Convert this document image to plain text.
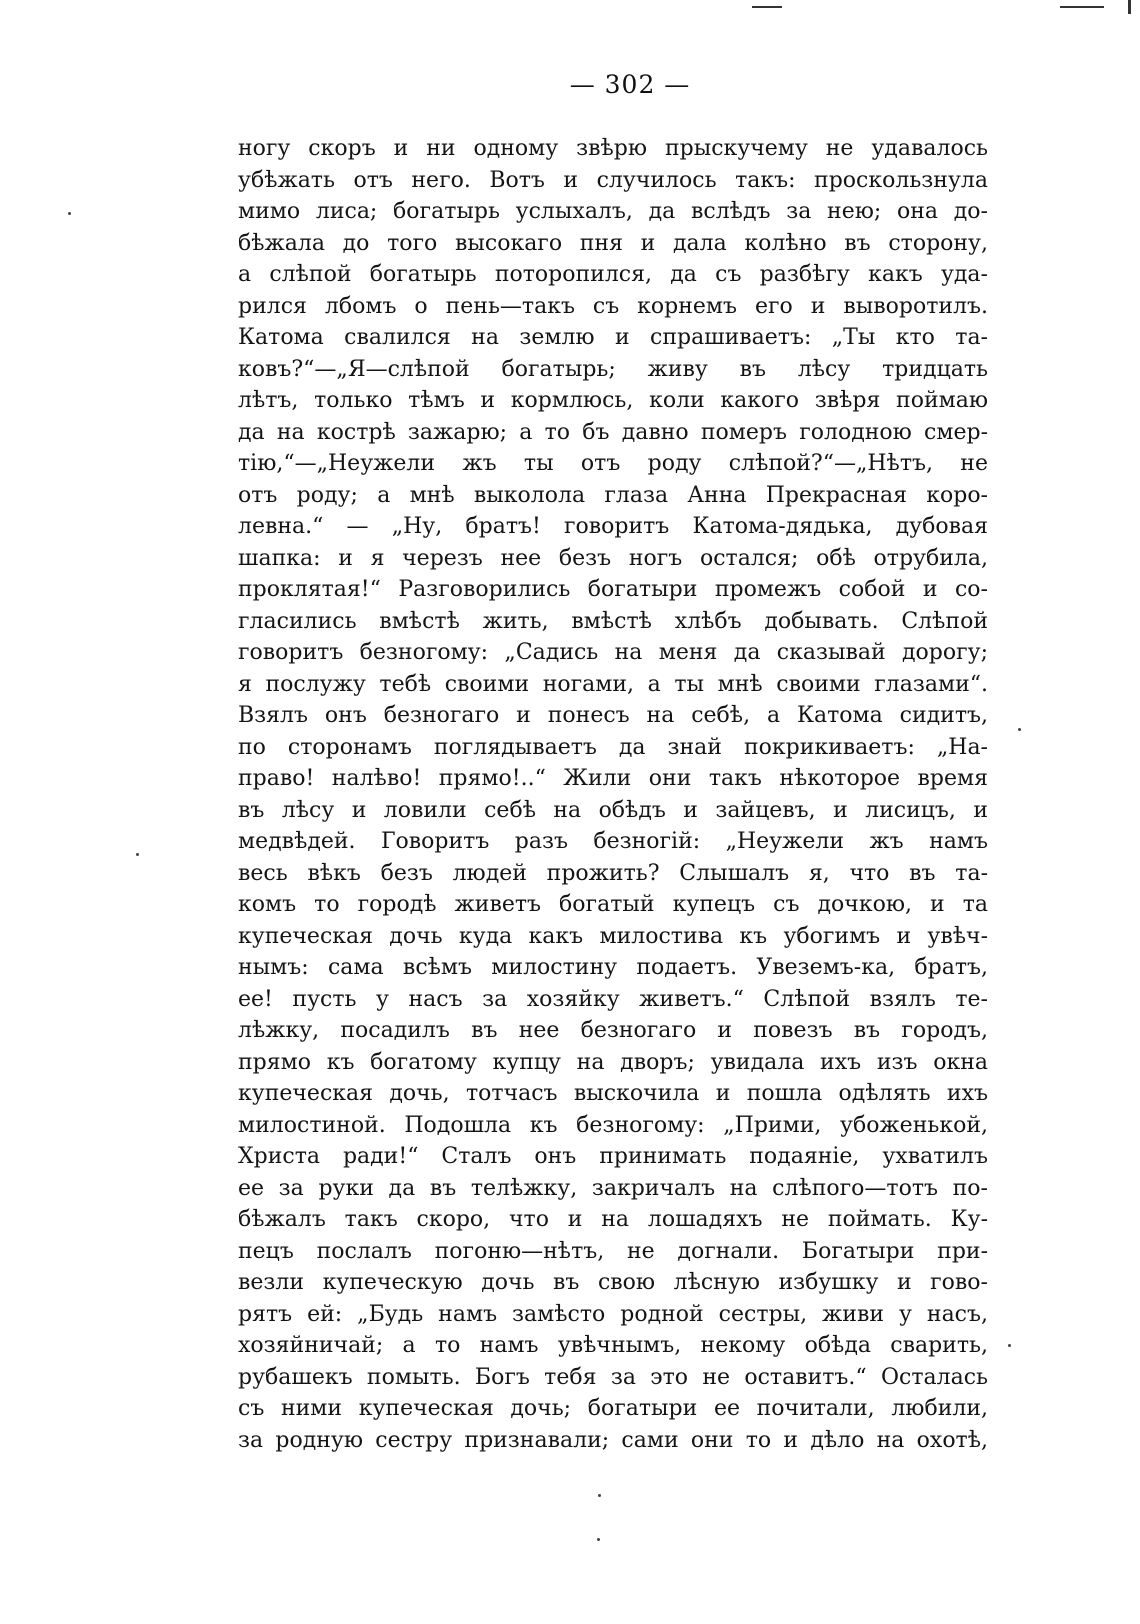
— 302 —
ногу скоръ и ни одному звѣрю прыскучему не удавалось
убѣжать отъ него. Вотъ и случилось такъ: проскользнула
мимо лиса; богатырь услыхалъ, да вслѣдъ за нею; она до-
бѣжала до того высокаго пня и дала колѣно въ сторону,
а слѣпой богатырь поторопился, да съ разбѣгу какъ уда-
рился лбомъ о пень—такъ съ корнемъ его и выворотилъ.
Катома свалился на землю и спрашиваетъ: „Ты кто та-
ковъ?“—„Я—слѣпой богатырь; живу въ лѣсу тридцать
лѣтъ, только тѣмъ и кормлюсь, коли какого звѣря поймаю
да на кострѣ зажарю; а то бъ давно померъ голодною смер-
тію,“—„Неужели жъ ты отъ роду слѣпой?“—„Нѣтъ, не
отъ роду; а мнѣ выколола глаза Анна Прекрасная коро-
левна.“ — „Ну, братъ! говоритъ Катома-дядька, дубовая
шапка: и я черезъ нее безъ ногъ остался; обѣ отрубила,
проклятая!“ Разговорились богатыри промежъ собой и со-
гласились вмѣстѣ жить, вмѣстѣ хлѣбъ добывать. Слѣпой
говоритъ безногому: „Садись на меня да сказывай дорогу;
я послужу тебѣ своими ногами, а ты мнѣ своими глазами“.
Взялъ онъ безногаго и понесъ на себѣ, а Катома сидитъ,
по сторонамъ поглядываетъ да знай покрикиваетъ: „На-
право! налѣво! прямо!..“ Жили они такъ нѣкоторое время
въ лѣсу и ловили себѣ на обѣдъ и зайцевъ, и лисицъ, и
медвѣдей. Говоритъ разъ безногій: „Неужели жъ намъ
весь вѣкъ безъ людей прожить? Слышалъ я, что въ та-
комъ то городѣ живетъ богатый купецъ съ дочкою, и та
купеческая дочь куда какъ милостива къ убогимъ и увѣч-
нымъ: сама всѣмъ милостину подаетъ. Увеземъ-ка, братъ,
ее! пусть у насъ за хозяйку живетъ.“ Слѣпой взялъ те-
лѣжку, посадилъ въ нее безногаго и повезъ въ городъ,
прямо къ богатому купцу на дворъ; увидала ихъ изъ окна
купеческая дочь, тотчасъ выскочила и пошла одѣлять ихъ
милостиной. Подошла къ безногому: „Прими, убоженькой,
Христа ради!“ Сталъ онъ принимать подаяніе, ухватилъ
ее за руки да въ телѣжку, закричалъ на слѣпого—тотъ по-
бѣжалъ такъ скоро, что и на лошадяхъ не поймать. Ку-
пецъ послалъ погоню—нѣтъ, не догнали. Богатыри при-
везли купеческую дочь въ свою лѣсную избушку и гово-
рятъ ей: „Будь намъ замѣсто родной сестры, живи у насъ,
хозяйничай; а то намъ увѣчнымъ, некому обѣда сварить,
рубашекъ помыть. Богъ тебя за это не оставитъ.“ Осталась
съ ними купеческая дочь; богатыри ее почитали, любили,
за родную сестру признавали; сами они то и дѣло на охотѣ,
